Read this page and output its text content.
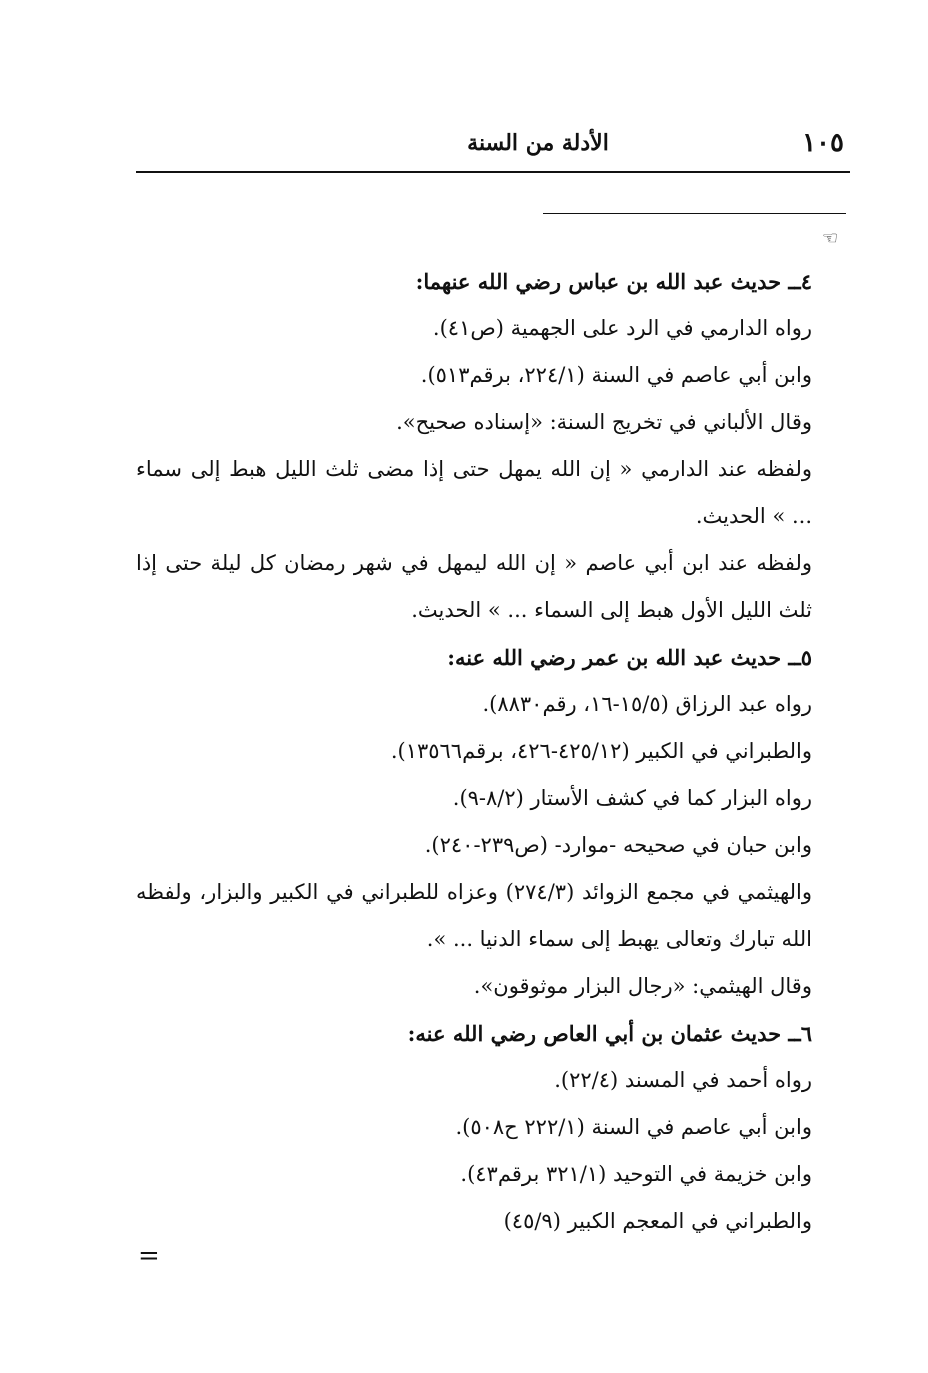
١٠٥
الأدلة من السنة
☞
٤ــ حديث عبد الله بن عباس رضي الله عنهما:
رواه الدارمي في الرد على الجهمية (ص٤١).
وابن أبي عاصم في السنة (٢٢٤/١، برقم٥١٣).
وقال الألباني في تخريج السنة: «إسناده صحيح».
ولفظه عند الدارمي « إن الله يمهل حتى إذا مضى ثلث الليل هبط إلى سماء
... » الحديث.
ولفظه عند ابن أبي عاصم « إن الله ليمهل في شهر رمضان كل ليلة حتى إذا
ثلث الليل الأول هبط إلى السماء ... » الحديث.
٥ــ حديث عبد الله بن عمر رضي الله عنه:
رواه عبد الرزاق (١٥/٥-١٦، رقم٨٨٣٠).
والطبراني في الكبير (٤٢٥/١٢-٤٢٦، برقم١٣٥٦٦).
رواه البزار كما في كشف الأستار (٨/٢-٩).
وابن حبان في صحيحه -موارد- (ص٢٣٩-٢٤٠).
والهيثمي في مجمع الزوائد (٢٧٤/٣) وعزاه للطبراني في الكبير والبزار، ولفظه
الله تبارك وتعالى يهبط إلى سماء الدنيا ... ».
وقال الهيثمي: «رجال البزار موثوقون».
٦ــ حديث عثمان بن أبي العاص رضي الله عنه:
رواه أحمد في المسند (٢٢/٤).
وابن أبي عاصم في السنة (٢٢٢/١ ح٥٠٨).
وابن خزيمة في التوحيد (٣٢١/١ برقم٤٣).
والطبراني في المعجم الكبير (٤٥/٩)
=
